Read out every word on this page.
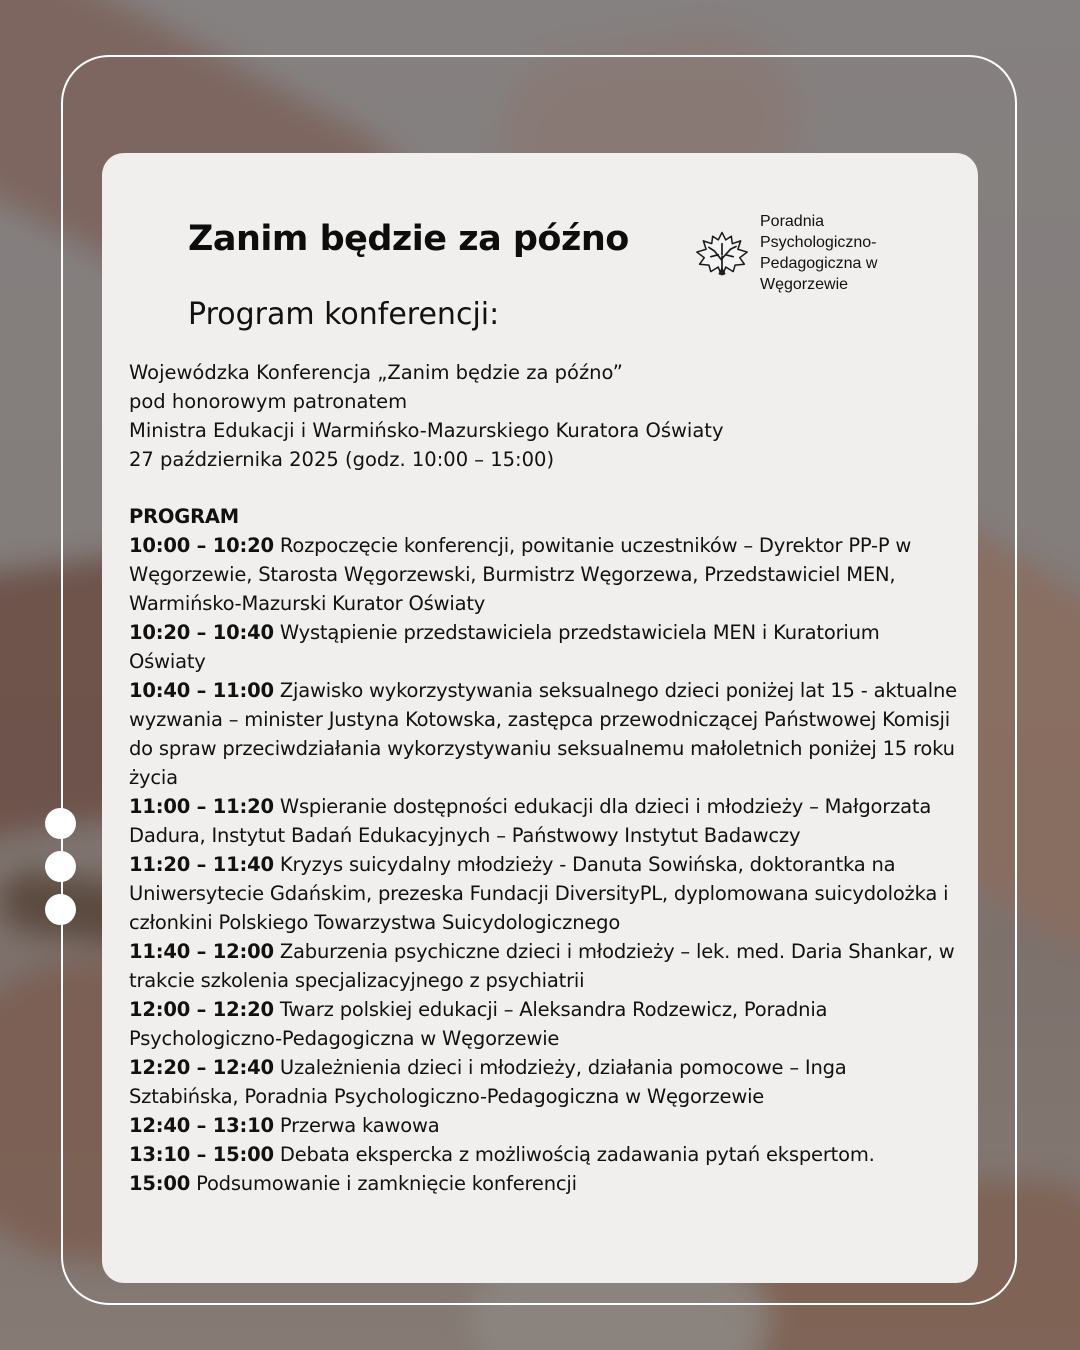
Zanim będzie za późno
Program konferencji:
Poradnia
Psychologiczno-
Pedagogiczna w
Węgorzewie
Wojewódzka Konferencja „Zanim będzie za późno”
pod honorowym patronatem
Ministra Edukacji i Warmińsko-Mazurskiego Kuratora Oświaty
27 października 2025 (godz. 10:00 – 15:00)
PROGRAM
10:00 – 10:20 Rozpoczęcie konferencji, powitanie uczestników – Dyrektor PP-P w Węgorzewie, Starosta Węgorzewski, Burmistrz Węgorzewa, Przedstawiciel MEN, Warmińsko-Mazurski Kurator Oświaty
10:20 – 10:40 Wystąpienie przedstawiciela przedstawiciela MEN i Kuratorium Oświaty
10:40 – 11:00 Zjawisko wykorzystywania seksualnego dzieci poniżej lat 15 - aktualne wyzwania – minister Justyna Kotowska, zastępca przewodniczącej Państwowej Komisji do spraw przeciwdziałania wykorzystywaniu seksualnemu małoletnich poniżej 15 roku życia
11:00 – 11:20 Wspieranie dostępności edukacji dla dzieci i młodzieży – Małgorzata Dadura, Instytut Badań Edukacyjnych – Państwowy Instytut Badawczy
11:20 – 11:40 Kryzys suicydalny młodzieży - Danuta Sowińska, doktorantka na Uniwersytecie Gdańskim, prezeska Fundacji DiversityPL, dyplomowana suicydolożka i członkini Polskiego Towarzystwa Suicydologicznego
11:40 – 12:00 Zaburzenia psychiczne dzieci i młodzieży – lek. med. Daria Shankar, w trakcie szkolenia specjalizacyjnego z psychiatrii
12:00 – 12:20 Twarz polskiej edukacji – Aleksandra Rodzewicz, Poradnia Psychologiczno-Pedagogiczna w Węgorzewie
12:20 – 12:40 Uzależnienia dzieci i młodzieży, działania pomocowe – Inga Sztabińska, Poradnia Psychologiczno-Pedagogiczna w Węgorzewie
12:40 – 13:10 Przerwa kawowa
13:10 – 15:00 Debata ekspercka z możliwością zadawania pytań ekspertom.
15:00 Podsumowanie i zamknięcie konferencji
